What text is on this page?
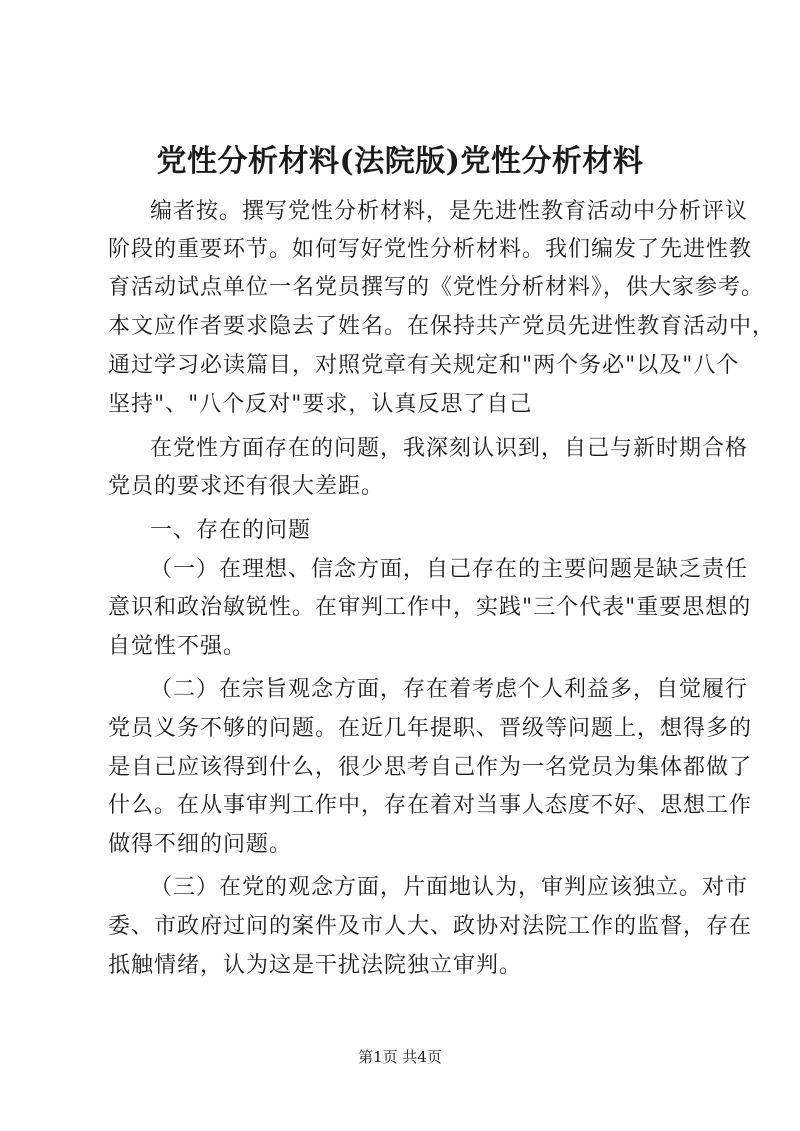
党性分析材料(法院版)党性分析材料
编者按。撰写党性分析材料，是先进性教育活动中分析评议
阶段的重要环节。如何写好党性分析材料。我们编发了先进性教
育活动试点单位一名党员撰写的《党性分析材料》，供大家参考。
本文应作者要求隐去了姓名。在保持共产党员先进性教育活动中，
通过学习必读篇目，对照党章有关规定和"两个务必"以及"八个
坚持"、"八个反对"要求，认真反思了自己
在党性方面存在的问题，我深刻认识到，自己与新时期合格
党员的要求还有很大差距。
一、存在的问题
（一）在理想、信念方面，自己存在的主要问题是缺乏责任
意识和政治敏锐性。在审判工作中，实践"三个代表"重要思想的
自觉性不强。
（二）在宗旨观念方面，存在着考虑个人利益多，自觉履行
党员义务不够的问题。在近几年提职、晋级等问题上，想得多的
是自己应该得到什么，很少思考自己作为一名党员为集体都做了
什么。在从事审判工作中，存在着对当事人态度不好、思想工作
做得不细的问题。
（三）在党的观念方面，片面地认为，审判应该独立。对市
委、市政府过问的案件及市人大、政协对法院工作的监督，存在
抵触情绪，认为这是干扰法院独立审判。
第1页 共4页
